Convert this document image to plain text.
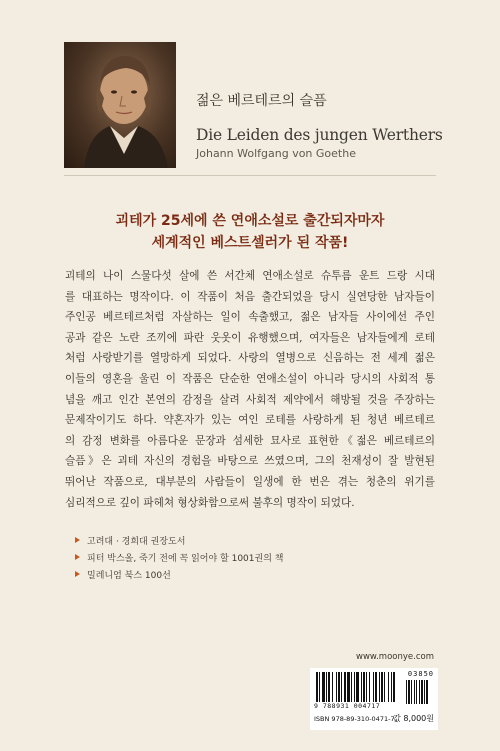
젊은 베르테르의 슬픔

Die Leiden des jungen Werthers

Johann Wolfgang von Goethe

괴테가 25세에 쓴 연애소설로 출간되자마자
세계적인 베스트셀러가 된 작품!
괴테의 나이 스물다섯 살에 쓴 서간체 연애소설로 슈투름 운트 드랑 시대
를 대표하는 명작이다. 이 작품이 처음 출간되었을 당시 실연당한 남자들이
주인공 베르테르처럼 자살하는 일이 속출했고, 젊은 남자들 사이에선 주인
공과 같은 노란 조끼에 파란 웃옷이 유행했으며, 여자들은 남자들에게 로테
처럼 사랑받기를 열망하게 되었다. 사랑의 열병으로 신음하는 전 세계 젊은
이들의 영혼을 울린 이 작품은 단순한 연애소설이 아니라 당시의 사회적 통
념을 깨고 인간 본연의 감정을 살려 사회적 제약에서 해방될 것을 주장하는
문제작이기도 하다. 약혼자가 있는 여인 로테를 사랑하게 된 청년 베르테르
의 감정 변화를 아름다운 문장과 섬세한 묘사로 표현한《젊은 베르테르의
슬픔》은 괴테 자신의 경험을 바탕으로 쓰였으며, 그의 천재성이 잘 발현된
뛰어난 작품으로, 대부분의 사람들이 일생에 한 번은 겪는 청춘의 위기를
심리적으로 깊이 파헤쳐 형상화함으로써 불후의 명작이 되었다.
고려대 · 경희대 권장도서
피터 박스올, 죽기 전에 꼭 읽어야 할 1001권의 책
밀레니엄 북스 100선
www.moonye.com
03850
9 788931 004717
ISBN 978-89-310-0471-7
값 8,000원
